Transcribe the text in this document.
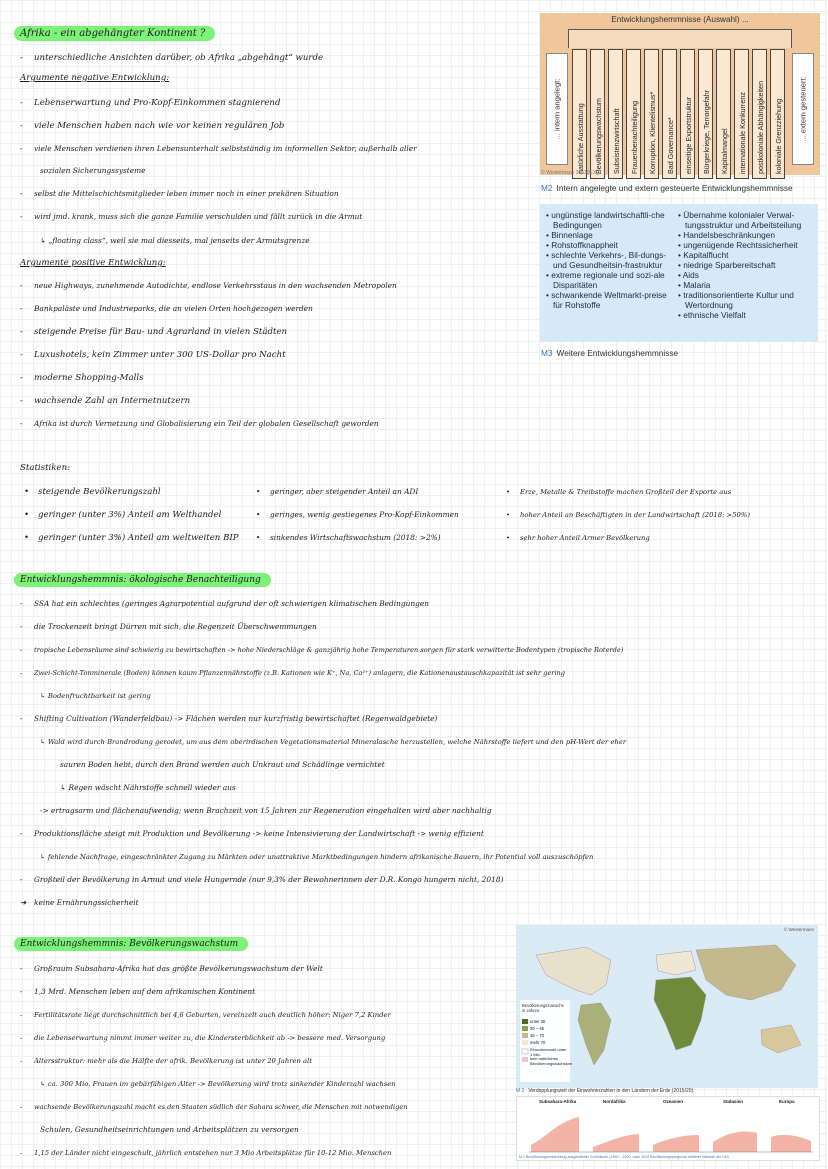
Afrika - ein abgehängter Kontinent ?
- unterschiedliche Ansichten darüber, ob Afrika „abgehängt“ wurde
Argumente negative Entwicklung:
- Lebenserwartung und Pro-Kopf-Einkommen stagnierend
- viele Menschen haben nach wie vor keinen regulären Job
- viele Menschen verdienen ihren Lebensunterhalt selbstständig im informellen Sektor, außerhalb aller
sozialen Sicherungssysteme
- selbst die Mittelschichtsmitglieder leben immer noch in einer prekären Situation
- wird jmd. krank, muss sich die ganze Familie verschulden und fällt zurück in die Armut
↳ „floating class“, weil sie mal diesseits, mal jenseits der Armutsgrenze
Argumente positive Entwicklung:
- neue Highways, zunehmende Autodichte, endlose Verkehrsstaus in den wachsenden Metropolen
- Bankpaläste und Industrieparks, die an vielen Orten hochgezogen werden
- steigende Preise für Bau- und Agrarland in vielen Städten
- Luxushotels, kein Zimmer unter 300 US-Dollar pro Nacht
- moderne Shopping-Malls
- wachsende Zahl an Internetnutzern
- Afrika ist durch Vernetzung und Globalisierung ein Teil der globalen Gesellschaft geworden
Entwicklungshemmnisse (Auswahl) ...
... intern angelegt:	... extern gesteuert:
natürliche Ausstattung Bevölkerungswachstum Subsistenzwirtschaft Frauenbenachteiligung Korruption, Klientelismus* Bad Governance* einseitige Exportstruktur Bürgerkriege, Terrorgefahr Kapitalmangel internationale Konkurrenz postkoloniale Abhängigkeiten koloniale Grenzziehung
© Westermann 36530EX_1
M2 Intern angelegte und extern gesteuerte Entwicklungshemmnisse
• ungünstige landwirtschaftli-che Bedingungen
• Binnenlage
• Rohstoffknappheit
• schlechte Verkehrs-, Bil-dungs- und Gesundheitsin-frastruktur
• extreme regionale und sozi-ale Disparitäten
• schwankende Weltmarkt-preise für Rohstoffe
• Übernahme kolonialer Verwal-tungsstruktur und Arbeitsteilung
• Handelsbeschränkungen
• ungenügende Rechtssicherheit
• Kapitalflucht
• niedrige Sparbereitschaft
• Aids
• Malaria
• traditionsorientierte Kultur und Wertordnung
• ethnische Vielfalt
M3 Weitere Entwicklungshemmnisse
Statistiken:
• steigende Bevölkerungszahl
• geringer (unter 3%) Anteil am Welthandel
• geringer (unter 3%) Anteil am weltweiten BIP
• geringer, aber steigender Anteil an ADI
• geringes, wenig gestiegenes Pro-Kopf-Einkommen
• sinkendes Wirtschaftswachstum (2018: >2%)
• Erze, Metalle & Treibstoffe machen Großteil der Exporte aus
• hoher Anteil an Beschäftigten in der Landwirtschaft (2018: >50%)
• sehr hoher Anteil Armer Bevölkerung
Entwicklungshemmnis: ökologische Benachteiligung
- SSA hat ein schlechtes (geringes Agrarpotential aufgrund der oft schwierigen klimatischen Bedingungen
- die Trockenzeit bringt Dürren mit sich, die Regenzeit Überschwemmungen
- tropische Lebensräume sind schwierig zu bewirtschaften -> hohe Niederschläge & ganzjährig hohe Temperaturen sorgen für stark verwitterte Bodentypen (tropische Roterde)
- Zwei-Schicht-Tonminerale (Boden) können kaum Pflanzennährstoffe (z.B. Kationen wie K⁺, Na, Ca²⁺) anlagern, die Kationenaustauschkapazität ist sehr gering
↳ Bodenfruchtbarkeit ist gering
- Shifting Cultivation (Wanderfeldbau) -> Flächen werden nur kurzfristig bewirtschaftet (Regenwaldgebiete)
↳ Wald wird durch Brandrodung gerodet, um aus dem oberirdischen Vegetationsmaterial Mineralasche herzustellen, welche Nährstoffe liefert und den pH-Wert der eher
sauren Boden hebt, durch den Brand werden auch Unkraut und Schädlinge vernichtet
↳ Regen wäscht Nährstoffe schnell wieder aus
-> ertragsarm und flächenaufwendig; wenn Brachzeit von 15 Jahren zur Regeneration eingehalten wird aber nachhaltig
- Produktionsfläche steigt mit Produktion und Bevölkerung -> keine Intensivierung der Landwirtschaft -> wenig effizient
↳ fehlende Nachfrage, eingeschränkter Zugang zu Märkten oder unattraktive Marktbedingungen hindern afrikanische Bauern, ihr Potential voll auszuschöpfen
- Großteil der Bevölkerung in Armut und viele Hungernde (nur 9,3% der Bewohnerinnen der D.R. Kongo hungern nicht, 2018)
➜ keine Ernährungssicherheit
Entwicklungshemmnis: Bevölkerungswachstum
- Großraum Subsahara-Afrika hat das größte Bevölkerungswachstum der Welt
- 1,3 Mrd. Menschen leben auf dem afrikanischen Kontinent
- Fertilitätsrate liegt durchschnittlich bei 4,6 Geburten, vereinzelt auch deutlich höher: Niger 7,2 Kinder
- die Lebenserwartung nimmt immer weiter zu, die Kindersterblichkeit ab -> bessere med. Versorgung
- Altersstruktur: mehr als die Hälfte der afrik. Bevölkerung ist unter 20 Jahren alt
↳ ca. 300 Mio. Frauen im gebärfähigen Alter -> Bevölkerung wird trotz sinkender Kinderzahl wachsen
- wachsende Bevölkerungszahl macht es den Staaten südlich der Sahara schwer, die Menschen mit notwendigen
Schulen, Gesundheitseinrichtungen und Arbeitsplätzen zu versorgen
- 1,15 der Länder nicht eingeschult, jährlich entstehen nur 3 Mio Arbeitsplätze für 10-12 Mio. Menschen
© Westermann
Bevölkerungszuwachs in Jahren
unter 30
30 – 45
45 – 70
mehr 70
Einwohnerzahl unter 1 Mio.
kein natürliches Bevölkerungswachstum
M 2 Verdopplungszeit der Einwohnerzahlen in den Ländern der Erde (2015/20)
Subsahara-Afrika	Nordafrika	Ozeanien	Südasien	Europa
M 1 Bevölkerungsentwicklung ausgewählter Großräume (1950 – 2100, nach 2019 Bevölkerungsprognose mittlerer Variante der UN)
